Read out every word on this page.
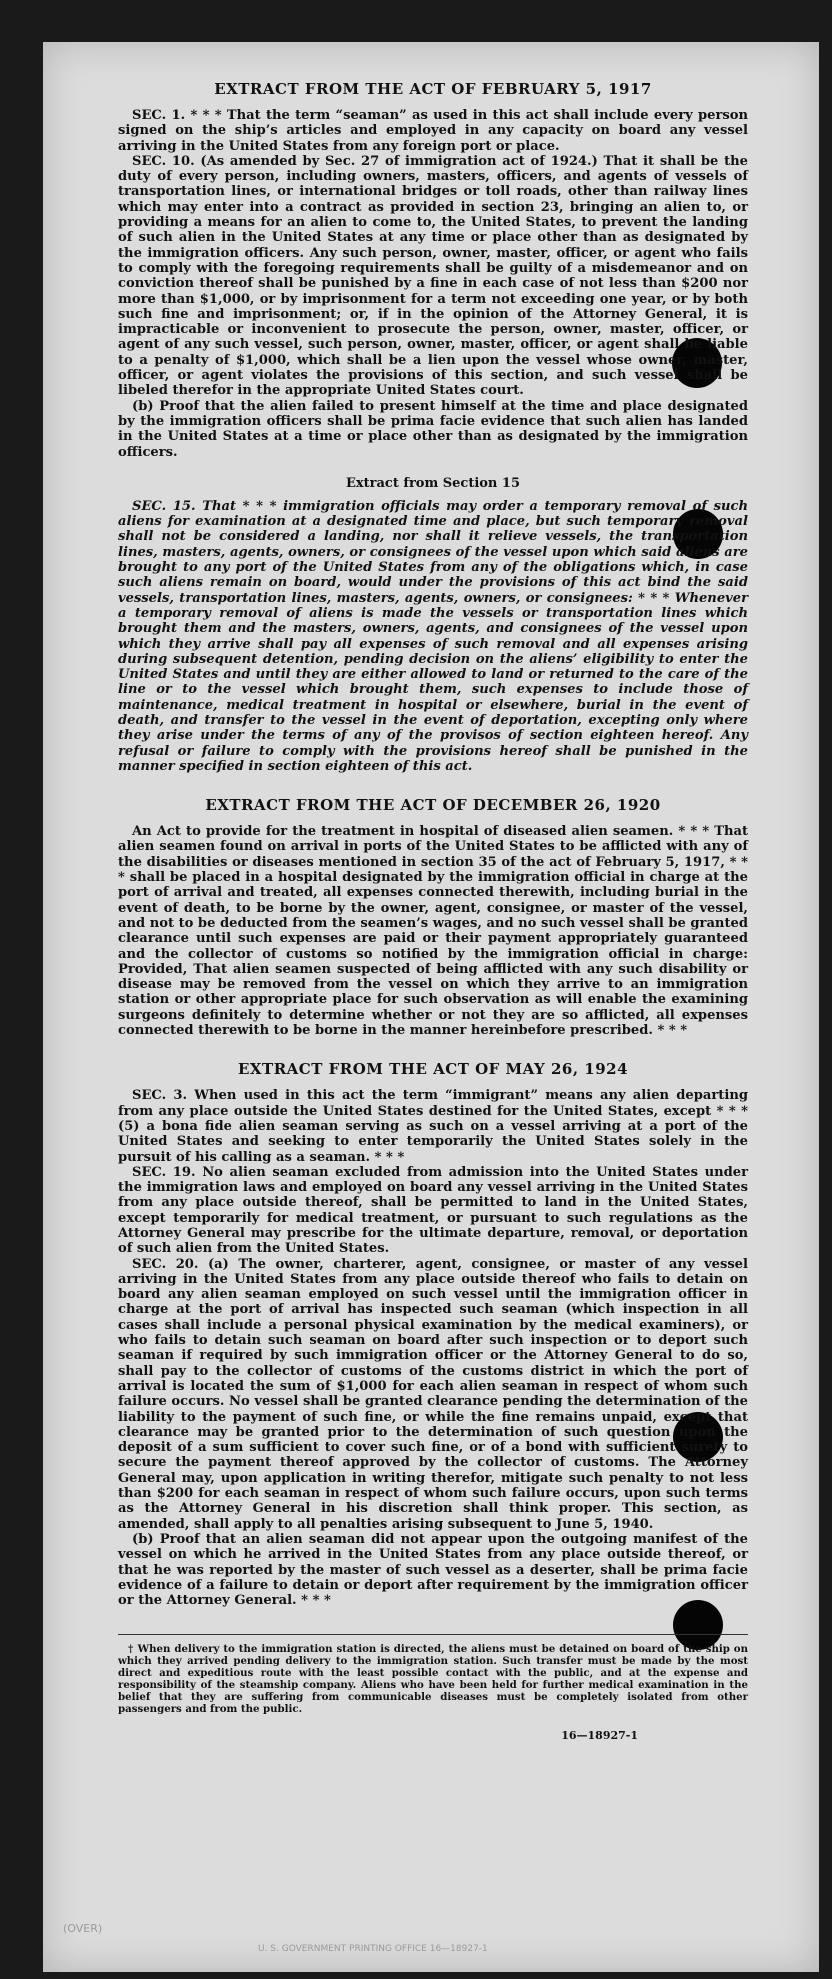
EXTRACT FROM THE ACT OF FEBRUARY 5, 1917

SEC. 1. * * * That the term “seaman” as used in this act shall include every person signed on the ship’s articles and employed in any capacity on board any vessel arriving in the United States from any foreign port or place.

SEC. 10. (As amended by Sec. 27 of immigration act of 1924.) That it shall be the duty of every person, including owners, masters, officers, and agents of vessels of transportation lines, or international bridges or toll roads, other than railway lines which may enter into a contract as provided in section 23, bringing an alien to, or providing a means for an alien to come to, the United States, to prevent the landing of such alien in the United States at any time or place other than as designated by the immigration officers. Any such person, owner, master, officer, or agent who fails to comply with the foregoing requirements shall be guilty of a misdemeanor and on conviction thereof shall be punished by a fine in each case of not less than $200 nor more than $1,000, or by imprisonment for a term not exceeding one year, or by both such fine and imprisonment; or, if in the opinion of the Attorney General, it is impracticable or inconvenient to prosecute the person, owner, master, officer, or agent of any such vessel, such person, owner, master, officer, or agent shall be liable to a penalty of $1,000, which shall be a lien upon the vessel whose owner, master, officer, or agent violates the provisions of this section, and such vessel shall be libeled therefor in the appropriate United States court.

(b) Proof that the alien failed to present himself at the time and place designated by the immigration officers shall be prima facie evidence that such alien has landed in the United States at a time or place other than as designated by the immigration officers.

Extract from Section 15

SEC. 15. That * * * immigration officials may order a temporary removal of such aliens for examination at a designated time and place, but such temporary removal shall not be considered a landing, nor shall it relieve vessels, the transportation lines, masters, agents, owners, or consignees of the vessel upon which said aliens are brought to any port of the United States from any of the obligations which, in case such aliens remain on board, would under the provisions of this act bind the said vessels, transportation lines, masters, agents, owners, or consignees: * * * Whenever a temporary removal of aliens is made the vessels or transportation lines which brought them and the masters, owners, agents, and consignees of the vessel upon which they arrive shall pay all expenses of such removal and all expenses arising during subsequent detention, pending decision on the aliens’ eligibility to enter the United States and until they are either allowed to land or returned to the care of the line or to the vessel which brought them, such expenses to include those of maintenance, medical treatment in hospital or elsewhere, burial in the event of death, and transfer to the vessel in the event of deportation, excepting only where they arise under the terms of any of the provisos of section eighteen hereof. Any refusal or failure to comply with the provisions hereof shall be punished in the manner specified in section eighteen of this act.

EXTRACT FROM THE ACT OF DECEMBER 26, 1920

An Act to provide for the treatment in hospital of diseased alien seamen. * * * That alien seamen found on arrival in ports of the United States to be afflicted with any of the disabilities or diseases mentioned in section 35 of the act of February 5, 1917, * * * shall be placed in a hospital designated by the immigration official in charge at the port of arrival and treated, all expenses connected therewith, including burial in the event of death, to be borne by the owner, agent, consignee, or master of the vessel, and not to be deducted from the seamen’s wages, and no such vessel shall be granted clearance until such expenses are paid or their payment appropriately guaranteed and the collector of customs so notified by the immigration official in charge: Provided, That alien seamen suspected of being afflicted with any such disability or disease may be removed from the vessel on which they arrive to an immigration station or other appropriate place for such observation as will enable the examining surgeons definitely to determine whether or not they are so afflicted, all expenses connected therewith to be borne in the manner hereinbefore prescribed. * * *

EXTRACT FROM THE ACT OF MAY 26, 1924

SEC. 3. When used in this act the term “immigrant” means any alien departing from any place outside the United States destined for the United States, except * * * (5) a bona fide alien seaman serving as such on a vessel arriving at a port of the United States and seeking to enter temporarily the United States solely in the pursuit of his calling as a seaman. * * *

SEC. 19. No alien seaman excluded from admission into the United States under the immigration laws and employed on board any vessel arriving in the United States from any place outside thereof, shall be permitted to land in the United States, except temporarily for medical treatment, or pursuant to such regulations as the Attorney General may prescribe for the ultimate departure, removal, or deportation of such alien from the United States.

SEC. 20. (a) The owner, charterer, agent, consignee, or master of any vessel arriving in the United States from any place outside thereof who fails to detain on board any alien seaman employed on such vessel until the immigration officer in charge at the port of arrival has inspected such seaman (which inspection in all cases shall include a personal physical examination by the medical examiners), or who fails to detain such seaman on board after such inspection or to deport such seaman if required by such immigration officer or the Attorney General to do so, shall pay to the collector of customs of the customs district in which the port of arrival is located the sum of $1,000 for each alien seaman in respect of whom such failure occurs. No vessel shall be granted clearance pending the determination of the liability to the payment of such fine, or while the fine remains unpaid, except that clearance may be granted prior to the determination of such question upon the deposit of a sum sufficient to cover such fine, or of a bond with sufficient surety to secure the payment thereof approved by the collector of customs. The Attorney General may, upon application in writing therefor, mitigate such penalty to not less than $200 for each seaman in respect of whom such failure occurs, upon such terms as the Attorney General in his discretion shall think proper. This section, as amended, shall apply to all penalties arising subsequent to June 5, 1940.

(b) Proof that an alien seaman did not appear upon the outgoing manifest of the vessel on which he arrived in the United States from any place outside thereof, or that he was reported by the master of such vessel as a deserter, shall be prima facie evidence of a failure to detain or deport after requirement by the immigration officer or the Attorney General. * * *

† When delivery to the immigration station is directed, the aliens must be detained on board of the ship on which they arrived pending delivery to the immigration station. Such transfer must be made by the most direct and expeditious route with the least possible contact with the public, and at the expense and responsibility of the steamship company. Aliens who have been held for further medical examination in the belief that they are suffering from communicable diseases must be completely isolated from other passengers and from the public.

16—18927-1
(OVER)
U. S. GOVERNMENT PRINTING OFFICE 16—18927-1
